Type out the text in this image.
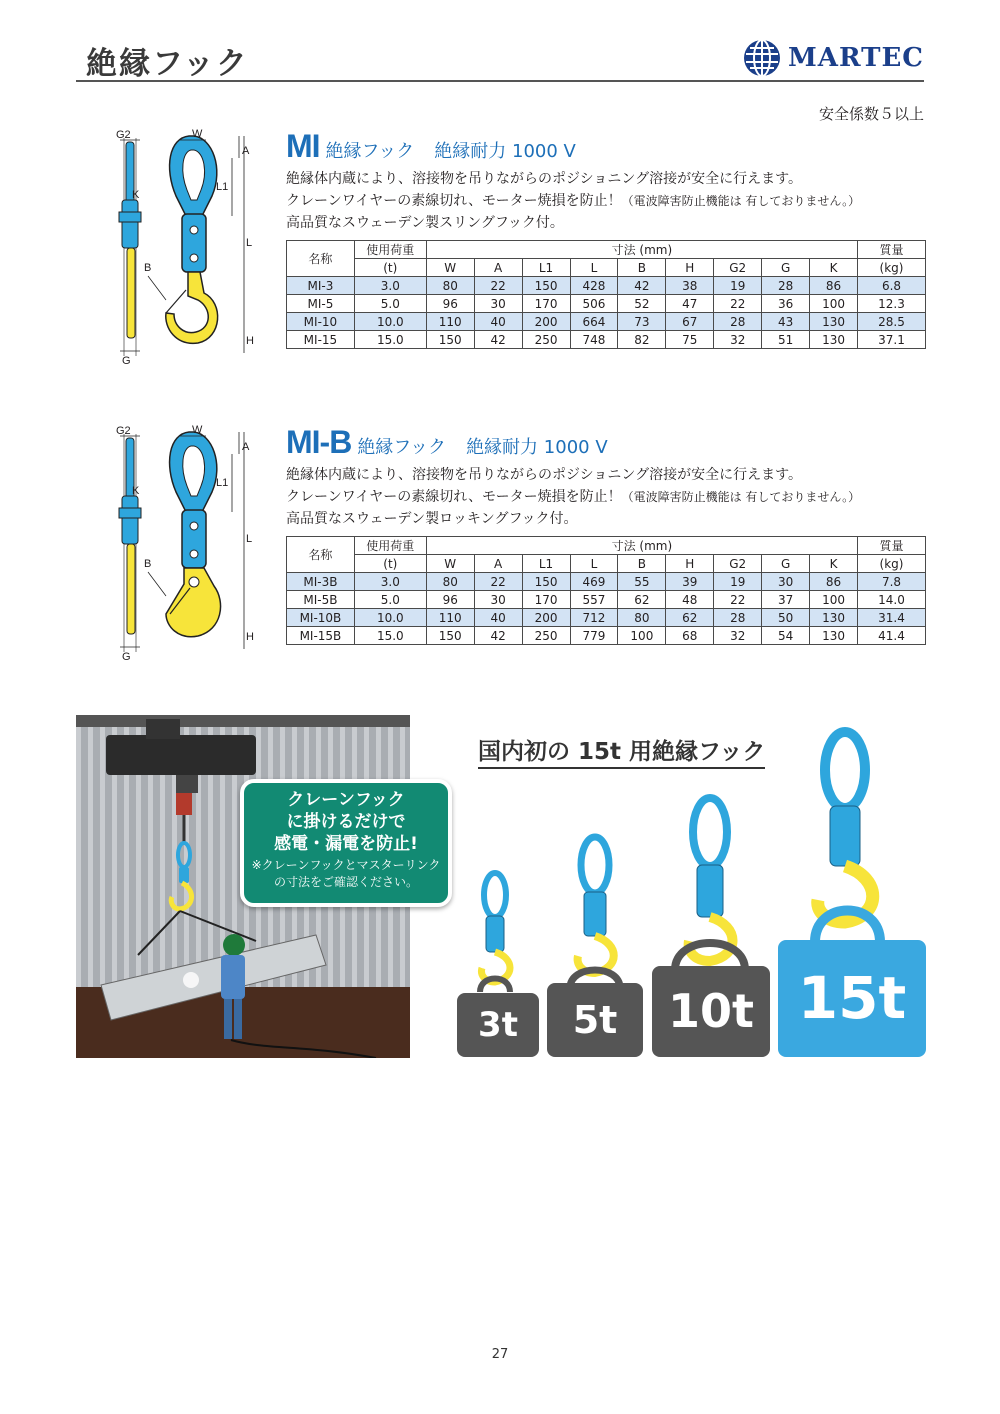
絶縁フック	MARTEC
安全係数５以上
G2
K
G
W
A
L1
L
H
B
MI 絶縁フック 絶縁耐力 1000 V
絶縁体内蔵により、溶接物を吊りながらのポジショニング溶接が安全に行えます。
クレーンワイヤーの素線切れ、モーター焼損を防止！（電波障害防止機能は 有しておりません。）
高品質なスウェーデン製スリングフック付。
名称	使用荷重	寸法 (mm)									質量
	(t)	W	A	L1	L	B	H	G2	G	K	(kg)
MI-3	3.0	80	22	150	428	42	38	19	28	86	6.8
MI-5	5.0	96	30	170	506	52	47	22	36	100	12.3
MI-10	10.0	110	40	200	664	73	67	28	43	130	28.5
MI-15	15.0	150	42	250	748	82	75	32	51	130	37.1
G2
K
G
W
A
L1
L
H
B
MI-B 絶縁フック 絶縁耐力 1000 V
絶縁体内蔵により、溶接物を吊りながらのポジショニング溶接が安全に行えます。
クレーンワイヤーの素線切れ、モーター焼損を防止！（電波障害防止機能は 有しておりません。）
高品質なスウェーデン製ロッキングフック付。
名称	使用荷重	寸法 (mm)									質量
	(t)	W	A	L1	L	B	H	G2	G	K	(kg)
MI-3B	3.0	80	22	150	469	55	39	19	30	86	7.8
MI-5B	5.0	96	30	170	557	62	48	22	37	100	14.0
MI-10B	10.0	110	40	200	712	80	62	28	50	130	31.4
MI-15B	15.0	150	42	250	779	100	68	32	54	130	41.4
クレーンフック
に掛けるだけで
感電・漏電を防止!
※クレーンフックとマスターリンク
の寸法をご確認ください。
国内初の 15t 用絶縁フック
3t	5t	10t 15t
27
